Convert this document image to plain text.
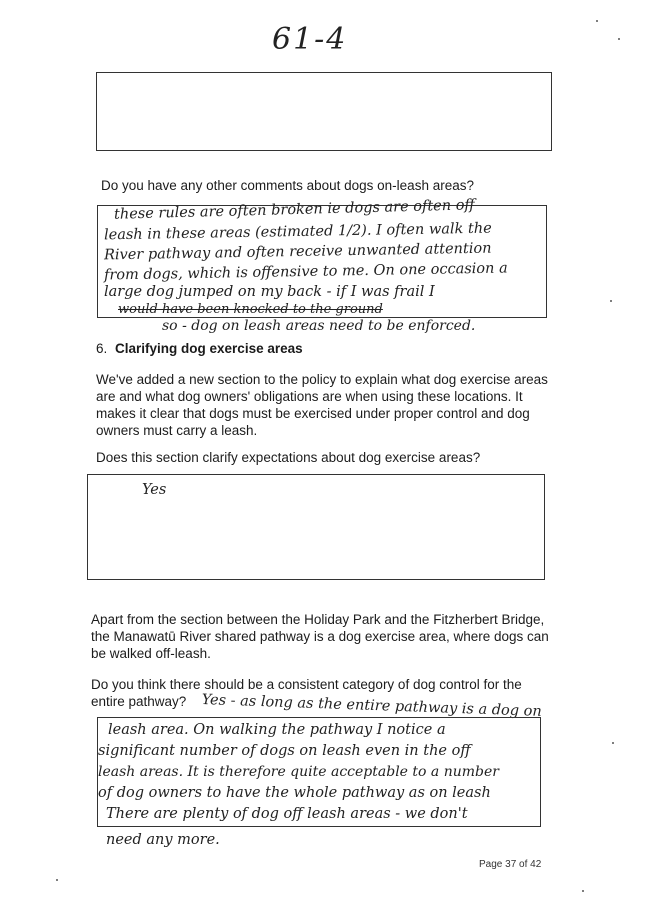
61-4
Do you have any other comments about dogs on-leash areas?
these rules are often broken ie dogs are often off
leash in these areas (estimated 1/2). I often walk the
River pathway and often receive unwanted attention
from dogs, which is offensive to me. On one occasion a
large dog jumped on my back - if I was frail I
would have been knocked to the ground
so - dog on leash areas need to be enforced.
6. Clarifying dog exercise areas
We've added a new section to the policy to explain what dog exercise areas
are and what dog owners' obligations are when using these locations. It
makes it clear that dogs must be exercised under proper control and dog
owners must carry a leash.
Does this section clarify expectations about dog exercise areas?
Yes
Apart from the section between the Holiday Park and the Fitzherbert Bridge,
the Manawatū River shared pathway is a dog exercise area, where dogs can
be walked off-leash.
Do you think there should be a consistent category of dog control for the
entire pathway? Yes - as long as the entire pathway is a dog on
leash area. On walking the pathway I notice a
significant number of dogs on leash even in the off
leash areas. It is therefore quite acceptable to a number
of dog owners to have the whole pathway as on leash
There are plenty of dog off leash areas - we don't
need any more.
Page 37 of 42
